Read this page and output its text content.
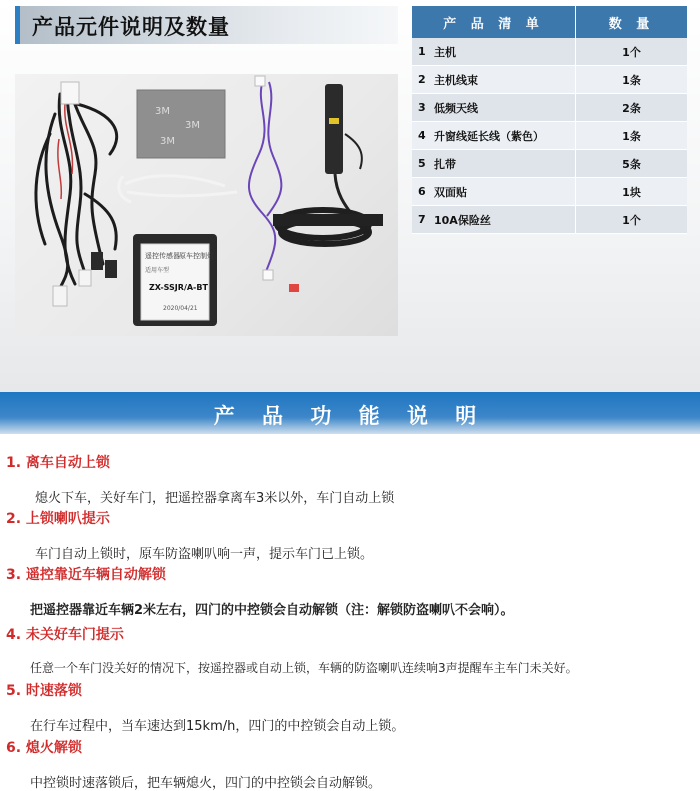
产品元件说明及数量
3M
3M
3M
遥控传感器 原车控制灯
适用车型
ZX-SSJR/A-BT
2020/04/21
产 品 清 单		数 量
1	主机	1个
2	主机线束	1条
3	低频天线	2条
4	升窗线延长线（紫色）	1条
5	扎带	5条
6	双面贴	1块
7	10A保险丝	1个
产 品 功 能 说 明
1. 离车自动上锁
熄火下车，关好车门，把遥控器拿离车3米以外，车门自动上锁
2. 上锁喇叭提示
车门自动上锁时，原车防盗喇叭响一声，提示车门已上锁。
3. 遥控靠近车辆自动解锁
把遥控器靠近车辆2米左右，四门的中控锁会自动解锁（注：解锁防盗喇叭不会响）。
4. 未关好车门提示
任意一个车门没关好的情况下，按遥控器或自动上锁，车辆的防盗喇叭连续响3声提醒车主车门未关好。
5. 时速落锁
在行车过程中，当车速达到15km/h，四门的中控锁会自动上锁。
6. 熄火解锁
中控锁时速落锁后，把车辆熄火，四门的中控锁会自动解锁。
